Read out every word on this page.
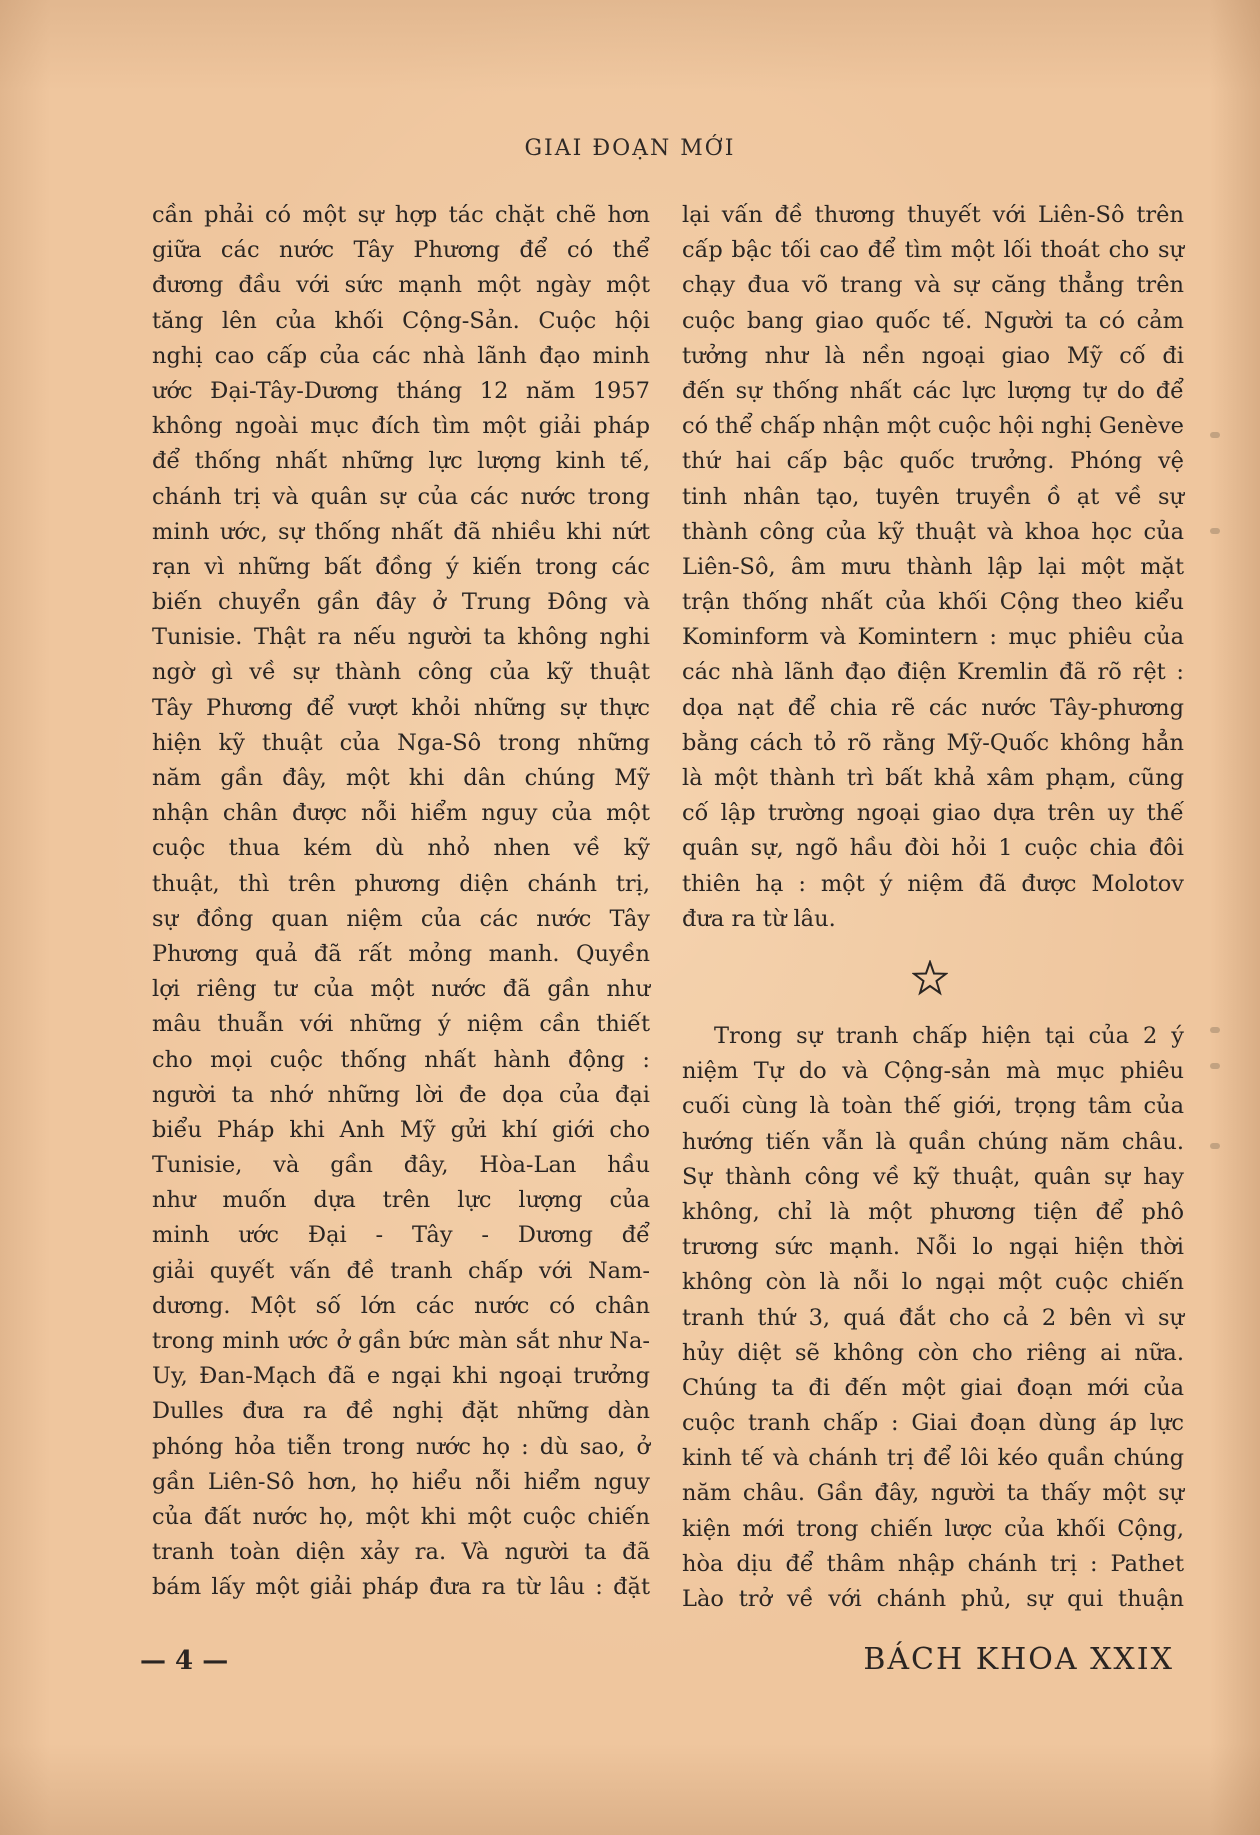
GIAI ĐOẠN MỚI
cần phải có một sự hợp tác chặt chẽ hơn
giữa các nước Tây Phương để có thể
đương đầu với sức mạnh một ngày một
tăng lên của khối Cộng-Sản. Cuộc hội
nghị cao cấp của các nhà lãnh đạo minh
ước Đại-Tây-Dương tháng 12 năm 1957
không ngoài mục đích tìm một giải pháp
để thống nhất những lực lượng kinh tế,
chánh trị và quân sự của các nước trong
minh ước, sự thống nhất đã nhiều khi nứt
rạn vì những bất đồng ý kiến trong các
biến chuyển gần đây ở Trung Đông và
Tunisie. Thật ra nếu người ta không nghi
ngờ gì về sự thành công của kỹ thuật
Tây Phương để vượt khỏi những sự thực
hiện kỹ thuật của Nga-Sô trong những
năm gần đây, một khi dân chúng Mỹ
nhận chân được nỗi hiểm nguy của một
cuộc thua kém dù nhỏ nhen về kỹ
thuật, thì trên phương diện chánh trị,
sự đồng quan niệm của các nước Tây
Phương quả đã rất mỏng manh. Quyền
lợi riêng tư của một nước đã gần như
mâu thuẫn với những ý niệm cần thiết
cho mọi cuộc thống nhất hành động :
người ta nhớ những lời đe dọa của đại
biểu Pháp khi Anh Mỹ gửi khí giới cho
Tunisie, và gần đây, Hòa-Lan hầu
như muốn dựa trên lực lượng của
minh ước Đại - Tây - Dương để
giải quyết vấn đề tranh chấp với Nam-
dương. Một số lớn các nước có chân
trong minh ước ở gần bức màn sắt như Na-
Uy, Đan-Mạch đã e ngại khi ngoại trưởng
Dulles đưa ra đề nghị đặt những dàn
phóng hỏa tiễn trong nước họ : dù sao, ở
gần Liên-Sô hơn, họ hiểu nỗi hiểm nguy
của đất nước họ, một khi một cuộc chiến
tranh toàn diện xảy ra. Và người ta đã
bám lấy một giải pháp đưa ra từ lâu : đặt
lại vấn đề thương thuyết với Liên-Sô trên
cấp bậc tối cao để tìm một lối thoát cho sự
chạy đua võ trang và sự căng thẳng trên
cuộc bang giao quốc tế. Người ta có cảm
tưởng như là nền ngoại giao Mỹ cố đi
đến sự thống nhất các lực lượng tự do để
có thể chấp nhận một cuộc hội nghị Genève
thứ hai cấp bậc quốc trưởng. Phóng vệ
tinh nhân tạo, tuyên truyền ồ ạt về sự
thành công của kỹ thuật và khoa học của
Liên-Sô, âm mưu thành lập lại một mặt
trận thống nhất của khối Cộng theo kiểu
Kominform và Komintern : mục phiêu của
các nhà lãnh đạo điện Kremlin đã rõ rệt :
dọa nạt để chia rẽ các nước Tây-phương
bằng cách tỏ rõ rằng Mỹ-Quốc không hẳn
là một thành trì bất khả xâm phạm, cũng
cố lập trường ngoại giao dựa trên uy thế
quân sự, ngõ hầu đòi hỏi 1 cuộc chia đôi
thiên hạ : một ý niệm đã được Molotov
đưa ra từ lâu.
Trong sự tranh chấp hiện tại của 2 ý
niệm Tự do và Cộng-sản mà mục phiêu
cuối cùng là toàn thế giới, trọng tâm của
hướng tiến vẫn là quần chúng năm châu.
Sự thành công về kỹ thuật, quân sự hay
không, chỉ là một phương tiện để phô
trương sức mạnh. Nỗi lo ngại hiện thời
không còn là nỗi lo ngại một cuộc chiến
tranh thứ 3, quá đắt cho cả 2 bên vì sự
hủy diệt sẽ không còn cho riêng ai nữa.
Chúng ta đi đến một giai đoạn mới của
cuộc tranh chấp : Giai đoạn dùng áp lực
kinh tế và chánh trị để lôi kéo quần chúng
năm châu. Gần đây, người ta thấy một sự
kiện mới trong chiến lược của khối Cộng,
hòa dịu để thâm nhập chánh trị : Pathet
Lào trở về với chánh phủ, sự qui thuận
— 4 —	BÁCH KHOA XXIX
